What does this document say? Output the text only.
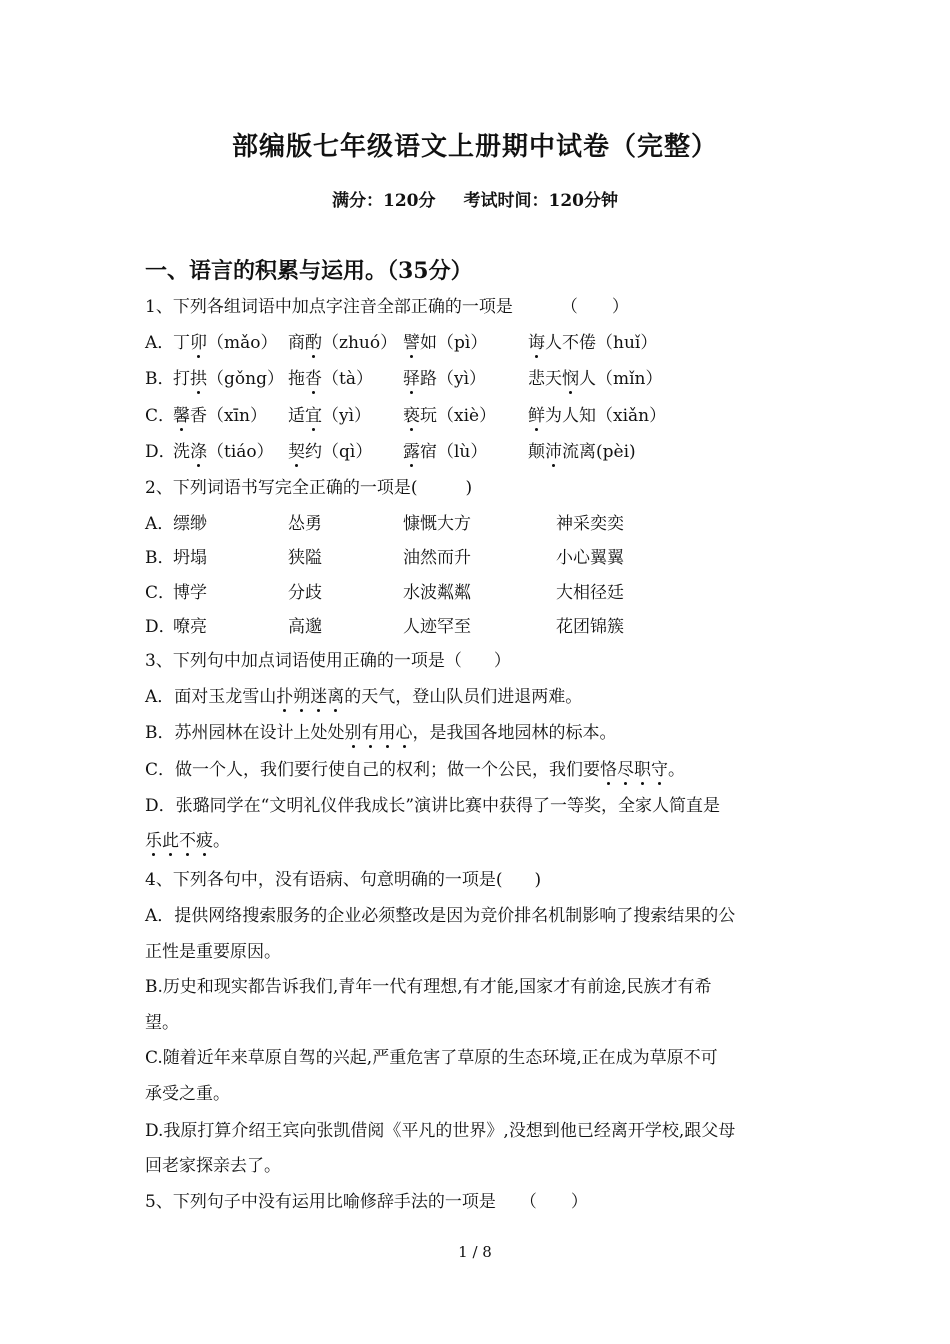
部编版七年级语文上册期中试卷（完整）
满分：120分 考试时间：120分钟
一、语言的积累与运用。（35分）
1、下列各组词语中加点字注音全部正确的一项是	（　　）
A．
丁卯（mǎo） 商酌（zhuó） 譬如（pì） 诲人不倦（huǐ）
B．
打拱（gǒng） 拖沓（tà） 驿路（yì） 悲天悯人（mǐn）
C．
馨香（xīn） 适宜（yì） 亵玩（xiè） 鲜为人知（xiǎn）
D．
洗涤（tiáo） 契约（qì） 露宿（lù） 颠沛流离(pèi)
2、下列词语书写完全正确的一项是(	)
A．
缥缈	怂勇	慷慨大方	神采奕奕
B．
坍塌	狭隘	油然而升	小心翼翼
C．
博学	分歧	水波粼粼	大相径廷
D．
嘹亮	高邈	人迹罕至	花团锦簇
3、下列句中加点词语使用正确的一项是（ ）
A．面对玉龙雪山扑朔迷离的天气，登山队员们进退两难。
B．苏州园林在设计上处处别有用心，是我国各地园林的标本。
C．做一个人，我们要行使自己的权利；做一个公民，我们要恪尽职守。
D．张璐同学在“文明礼仪伴我成长”演讲比赛中获得了一等奖，全家人简直是
乐此不疲。
4、下列各句中，没有语病、句意明确的一项是( )
A．提供网络搜索服务的企业必须整改是因为竞价排名机制影响了搜索结果的公
正性是重要原因。
B.历史和现实都告诉我们,青年一代有理想,有才能,国家才有前途,民族才有希
望。
C.随着近年来草原自驾的兴起,严重危害了草原的生态环境,正在成为草原不可
承受之重。
D.我原打算介绍王宾向张凯借阅《平凡的世界》,没想到他已经离开学校,跟父母
回老家探亲去了。
5、下列句子中没有运用比喻修辞手法的一项是 （　　）
1 / 8
